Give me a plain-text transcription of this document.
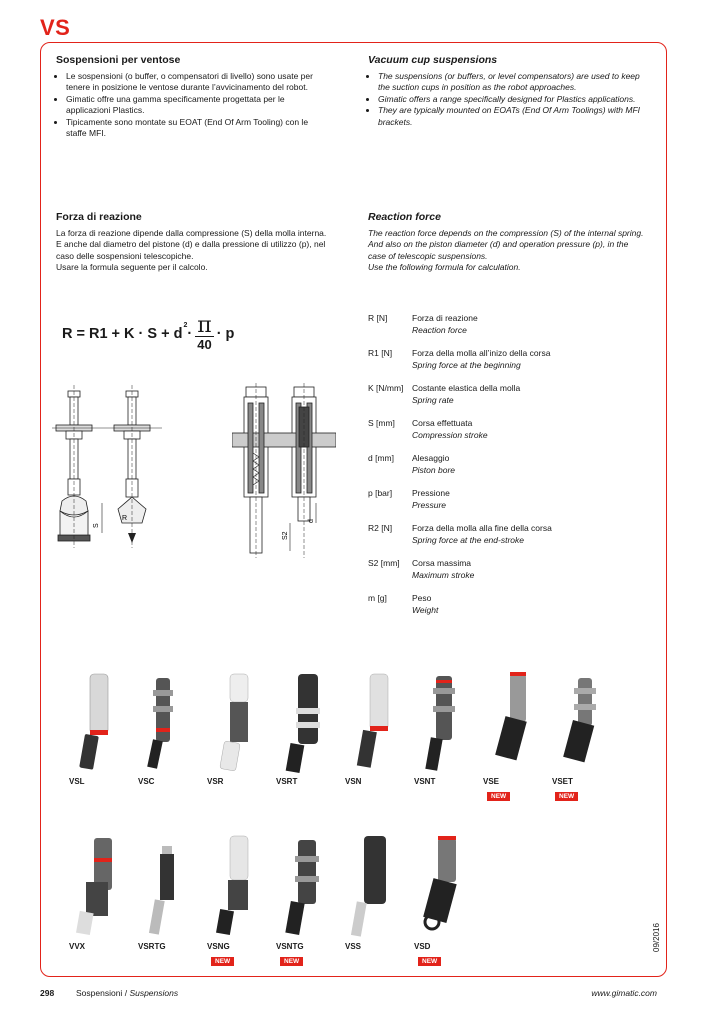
VS
Sospensioni per ventose
• Le sospensioni (o buffer, o compensatori di livello) sono usate per tenere in posizione le ventose durante l’avvicinamento del robot.
• Gimatic offre una gamma specificamente progettata per le applicazioni Plastics.
• Tipicamente sono montate su EOAT (End Of Arm Tooling) con le staffe MFI.
Vacuum cup suspensions
• The suspensions (or buffers, or level compensators) are used to keep the suction cups in position as the robot approaches.
• Gimatic offers a range specifically designed for Plastics applications.
• They are typically mounted on EOATs (End Of Arm Toolings) with MFI brackets.
Forza di reazione
La forza di reazione dipende dalla compressione (S) della molla interna. E anche dal diametro del pistone (d) e dalla pressione di utilizzo (p), nel caso delle sospensioni telescopiche.
Usare la formula seguente per il calcolo.
Reaction force
The reaction force depends on the compression (S) of the internal spring. And also on the piston diameter (d) and operation pressure (p), in the case of telescopic suspensions.
Use the following formula for calculation.
R = R1 + K · S + d
2
· $\frac{\pi}{40} \cdot p$
S
R
S2
d
R [N]	Forza di reazione
Reaction force
R1 [N]	Forza della molla all’inizo della corsa
Spring force at the beginning
K [N/mm]	Costante elastica della molla
Spring rate
S [mm]	Corsa effettuata
Compression stroke
d [mm]	Alesaggio
Piston bore
p [bar]	Pressione
Pressure
R2 [N]	Forza della molla alla fine della corsa
Spring force at the end-stroke
S2 [mm]	Corsa massima
Maximum stroke
m [g]	Peso
Weight
VSL	VSC	VSR	VSRT	VSN	VSNT	VSE	VSET
NEW	NEW
VVX	VSRTG	VSNG	VSNTG	VSS	VSD
NEW	NEW	NEW
09/2016
298	Sospensioni / Suspensions	www.gimatic.com
